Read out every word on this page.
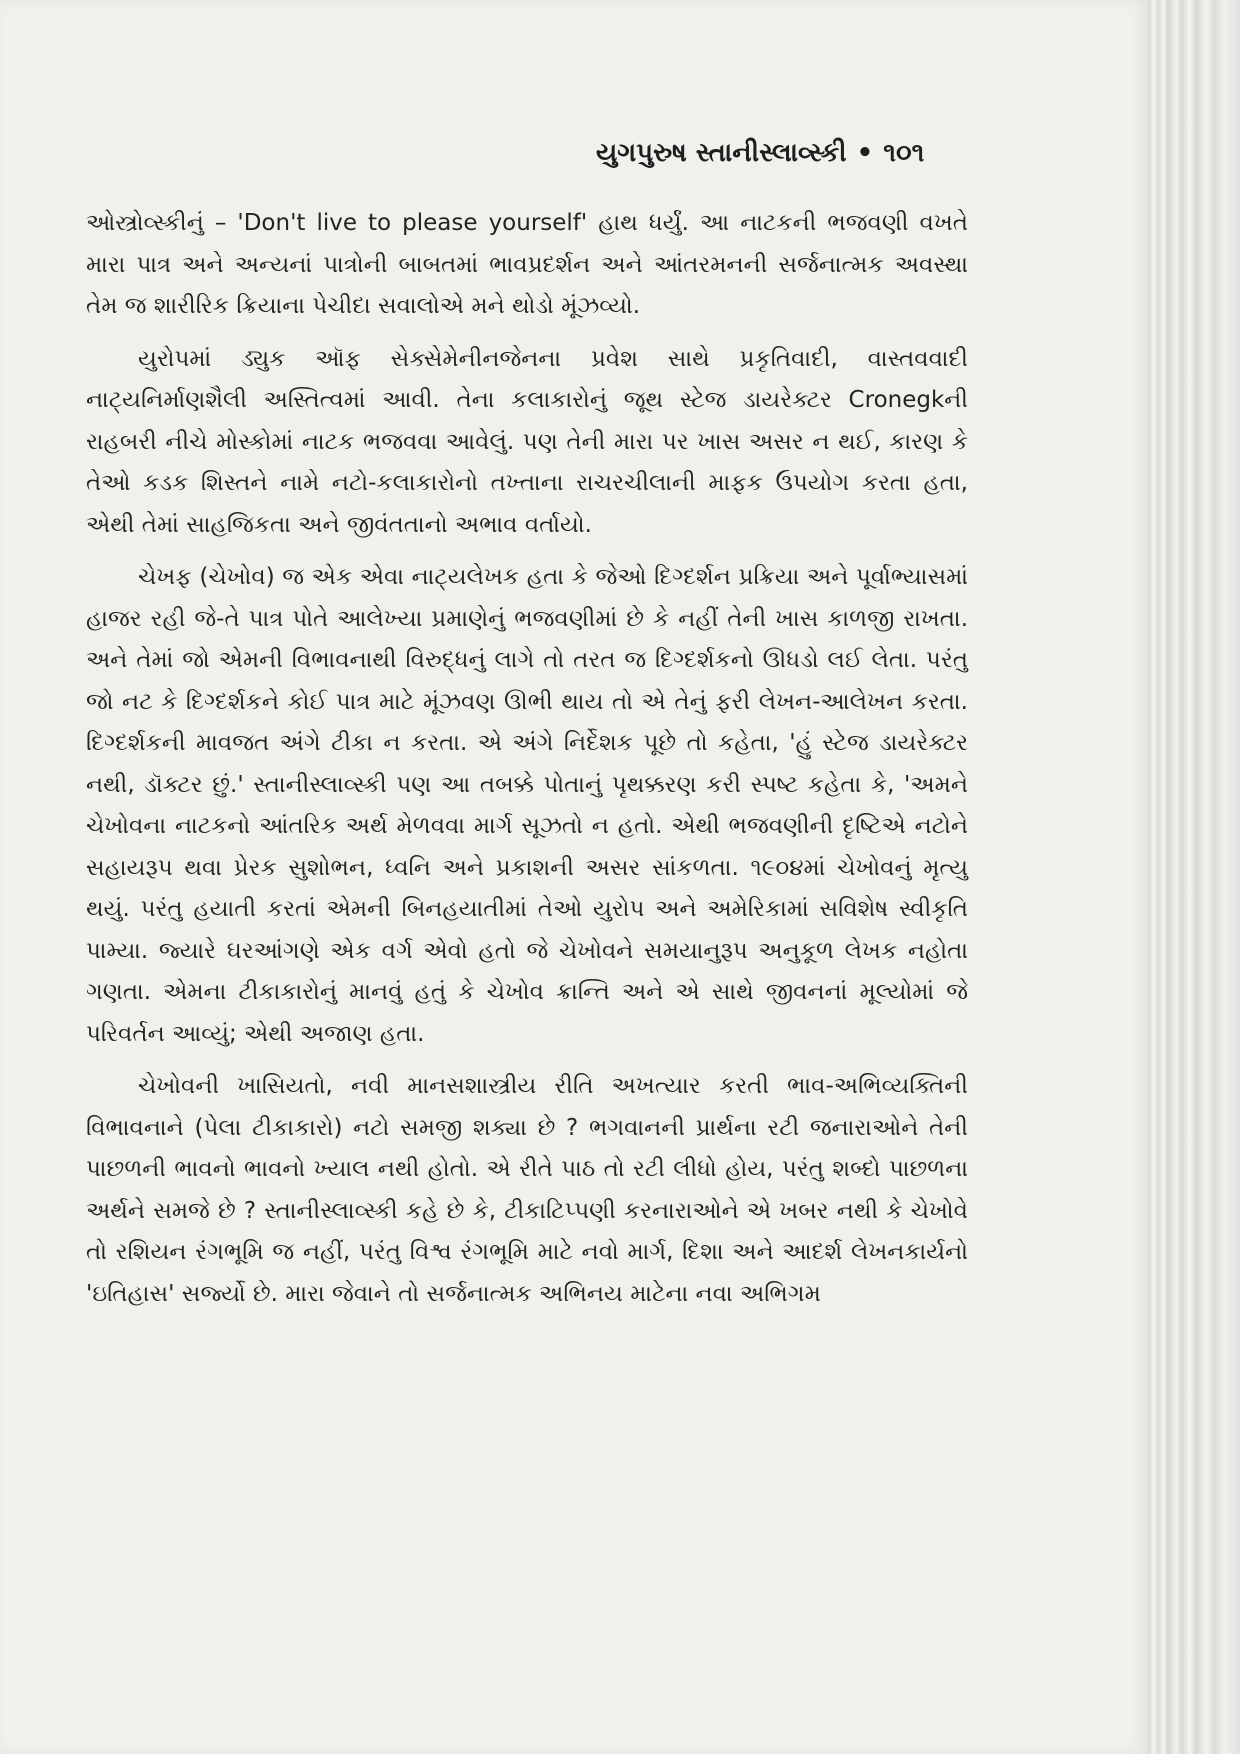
યુગપુરુષ સ્તાનીસ્લાવ્સ્કી • ૧૦૧

ઓસ્ત્રોવ્સ્કીનું – 'Don't live to please yourself' હાથ ધર્યું. આ નાટકની ભજવણી વખતે મારા પાત્ર અને અન્યનાં પાત્રોની બાબતમાં ભાવપ્રદર્શન અને આંતરમનની સર્જનાત્મક અવસ્થા તેમ જ શારીરિક ક્રિયાના પેચીદા સવાલોએ મને થોડો મૂંઝવ્યો.

યુરોપમાં ડ્યુક ઑફ સેક્સેમેનીનજેનના પ્રવેશ સાથે પ્રકૃતિવાદી, વાસ્તવવાદી નાટ્યનિર્માણશૈલી અસ્તિત્વમાં આવી. તેના કલાકારોનું જૂથ સ્ટેજ ડાયરેક્ટર Cronegkની રાહબરી નીચે મોસ્કોમાં નાટક ભજવવા આવેલું. પણ તેની મારા પર ખાસ અસર ન થઈ, કારણ કે તેઓ કડક શિસ્તને નામે નટો-કલાકારોનો તખ્તાના રાચરચીલાની માફક ઉપયોગ કરતા હતા, એથી તેમાં સાહજિકતા અને જીવંતતાનો અભાવ વર્તાયો.

ચેખફ (ચેખોવ) જ એક એવા નાટ્યલેખક હતા કે જેઓ દિગ્દર્શન પ્રક્રિયા અને પૂર્વાભ્યાસમાં હાજર રહી જે-તે પાત્ર પોતે આલેખ્યા પ્રમાણેનું ભજવણીમાં છે કે નહીં તેની ખાસ કાળજી રાખતા. અને તેમાં જો એમની વિભાવનાથી વિરુદ્ધનું લાગે તો તરત જ દિગ્દર્શકનો ઊધડો લઈ લેતા. પરંતુ જો નટ કે દિગ્દર્શકને કોઈ પાત્ર માટે મૂંઝવણ ઊભી થાય તો એ તેનું ફરી લેખન-આલેખન કરતા. દિગ્દર્શકની માવજત અંગે ટીકા ન કરતા. એ અંગે નિર્દેશક પૂછે તો કહેતા, 'હું સ્ટેજ ડાયરેક્ટર નથી, ડૉક્ટર છું.' સ્તાનીસ્લાવ્સ્કી પણ આ તબક્કે પોતાનું પૃથક્કરણ કરી સ્પષ્ટ કહેતા કે, 'અમને ચેખોવના નાટકનો આંતરિક અર્થ મેળવવા માર્ગ સૂઝતો ન હતો. એથી ભજવણીની દૃષ્ટિએ નટોને સહાયરૂપ થવા પ્રેરક સુશોભન, ધ્વનિ અને પ્રકાશની અસર સાંકળતા. ૧૯૦૪માં ચેખોવનું મૃત્યુ થયું. પરંતુ હયાતી કરતાં એમની બિનહયાતીમાં તેઓ યુરોપ અને અમેરિકામાં સવિશેષ સ્વીકૃતિ પામ્યા. જ્યારે ઘરઆંગણે એક વર્ગ એવો હતો જે ચેખોવને સમયાનુરૂપ અનુકૂળ લેખક નહોતા ગણતા. એમના ટીકાકારોનું માનવું હતું કે ચેખોવ ક્રાન્તિ અને એ સાથે જીવનનાં મૂલ્યોમાં જે પરિવર્તન આવ્યું; એથી અજાણ હતા.

ચેખોવની ખાસિયતો, નવી માનસશાસ્ત્રીય રીતિ અખત્યાર કરતી ભાવ-અભિવ્યક્તિની વિભાવનાને (પેલા ટીકાકારો) નટો સમજી શક્યા છે ? ભગવાનની પ્રાર્થના રટી જનારાઓને તેની પાછળની ભાવનો ભાવનો ખ્યાલ નથી હોતો. એ રીતે પાઠ તો રટી લીધો હોય, પરંતુ શબ્દો પાછળના અર્થને સમજે છે ? સ્તાનીસ્લાવ્સ્કી કહે છે કે, ટીકાટિપ્પણી કરનારાઓને એ ખબર નથી કે ચેખોવે તો રશિયન રંગભૂમિ જ નહીં, પરંતુ વિશ્વ રંગભૂમિ માટે નવો માર્ગ, દિશા અને આદર્શ લેખનકાર્યનો 'ઇતિહાસ' સર્જ્યો છે. મારા જેવાને તો સર્જનાત્મક અભિનય માટેના નવા અભિગમ
